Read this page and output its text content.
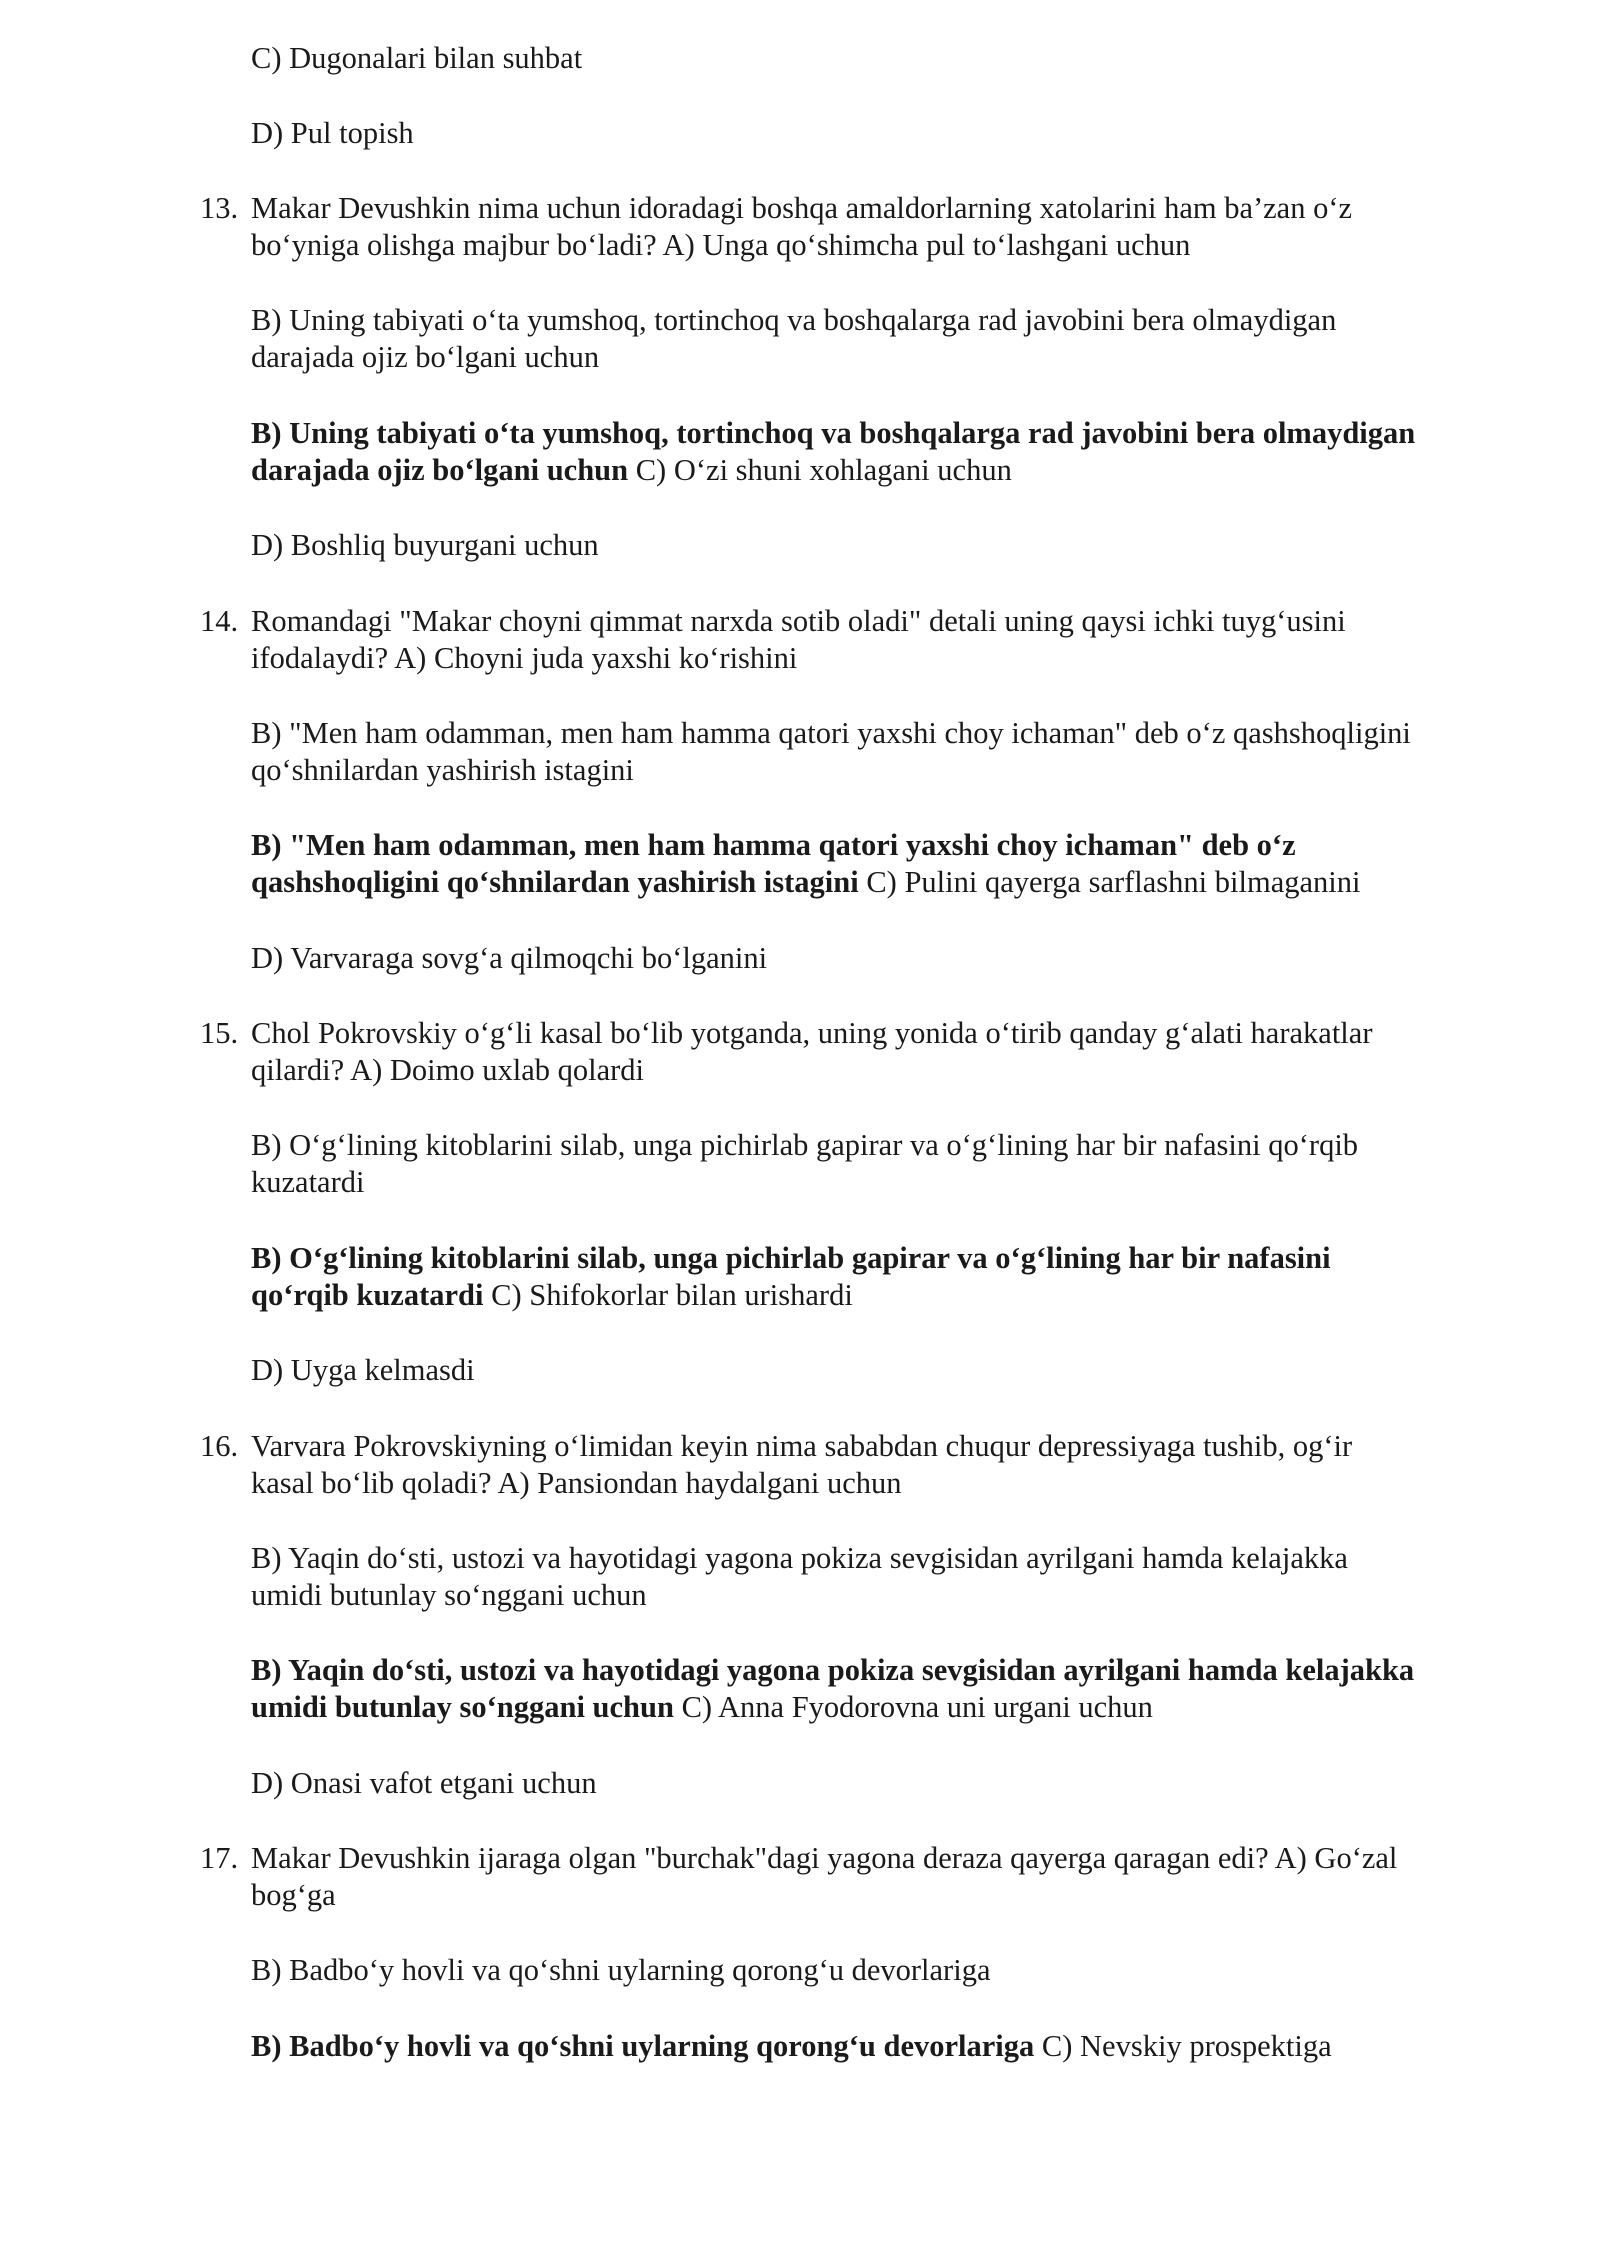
C) Dugonalari bilan suhbat
D) Pul topish
13. Makar Devushkin nima uchun idoradagi boshqa amaldorlarning xatolarini ham ba’zan o‘z
bo‘yniga olishga majbur bo‘ladi? A) Unga qo‘shimcha pul to‘lashgani uchun
B) Uning tabiyati o‘ta yumshoq, tortinchoq va boshqalarga rad javobini bera olmaydigan
darajada ojiz bo‘lgani uchun
B) Uning tabiyati o‘ta yumshoq, tortinchoq va boshqalarga rad javobini bera olmaydigan
darajada ojiz bo‘lgani uchun C) O‘zi shuni xohlagani uchun
D) Boshliq buyurgani uchun
14. Romandagi "Makar choyni qimmat narxda sotib oladi" detali uning qaysi ichki tuyg‘usini
ifodalaydi? A) Choyni juda yaxshi ko‘rishini
B) "Men ham odamman, men ham hamma qatori yaxshi choy ichaman" deb o‘z qashshoqligini
qo‘shnilardan yashirish istagini
B) "Men ham odamman, men ham hamma qatori yaxshi choy ichaman" deb o‘z
qashshoqligini qo‘shnilardan yashirish istagini C) Pulini qayerga sarflashni bilmaganini
D) Varvaraga sovg‘a qilmoqchi bo‘lganini
15. Chol Pokrovskiy o‘g‘li kasal bo‘lib yotganda, uning yonida o‘tirib qanday g‘alati harakatlar
qilardi? A) Doimo uxlab qolardi
B) O‘g‘lining kitoblarini silab, unga pichirlab gapirar va o‘g‘lining har bir nafasini qo‘rqib
kuzatardi
B) O‘g‘lining kitoblarini silab, unga pichirlab gapirar va o‘g‘lining har bir nafasini
qo‘rqib kuzatardi C) Shifokorlar bilan urishardi
D) Uyga kelmasdi
16. Varvara Pokrovskiyning o‘limidan keyin nima sababdan chuqur depressiyaga tushib, og‘ir
kasal bo‘lib qoladi? A) Pansiondan haydalgani uchun
B) Yaqin do‘sti, ustozi va hayotidagi yagona pokiza sevgisidan ayrilgani hamda kelajakka
umidi butunlay so‘nggani uchun
B) Yaqin do‘sti, ustozi va hayotidagi yagona pokiza sevgisidan ayrilgani hamda kelajakka
umidi butunlay so‘nggani uchun C) Anna Fyodorovna uni urgani uchun
D) Onasi vafot etgani uchun
17. Makar Devushkin ijaraga olgan "burchak"dagi yagona deraza qayerga qaragan edi? A) Go‘zal
bog‘ga
B) Badbo‘y hovli va qo‘shni uylarning qorong‘u devorlariga
B) Badbo‘y hovli va qo‘shni uylarning qorong‘u devorlariga C) Nevskiy prospektiga
